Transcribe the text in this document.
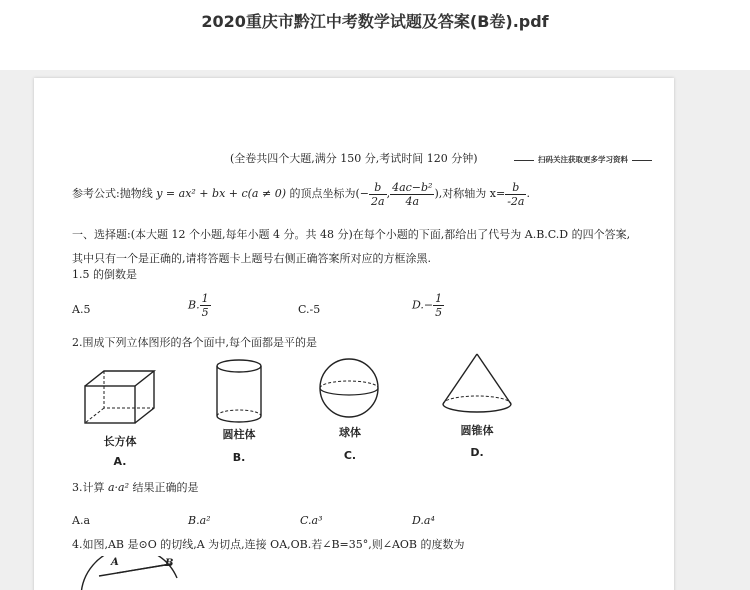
2020重庆市黔江中考数学试题及答案(B卷).pdf
(全卷共四个大题,满分 150 分,考试时间 120 分钟)	扫码关注获取更多学习资料
参考公式:抛物线 y = ax² + bx + c(a ≠ 0) 的顶点坐标为(− $\frac{b}{2a}$ , $\frac{\text{4ac−b²}}{4a}$ ),对称轴为 $x= \frac{b}{-2a}$ .
一、选择题:(本大题 12 个小题,每年小题 4 分。共 48 分)在每个小题的下面,都给出了代号为 A.B.C.D 的四个答案,
其中只有一个是正确的,请将答题卡上题号右侧正确答案所对应的方框涂黑.
1.5 的倒数是
A.5	B. $\frac{1}{5}$	C.-5	$D.- \frac{1}{5}$
2.围成下列立体图形的各个面中,每个面都是平的是
长方体
A.
圆柱体
B.
球体
C.
圆锥体
D.
3.计算 a·a² 结果正确的是
A.a	B.a²	C.a³	D.a⁴
4.如图,AB 是⊙O 的切线,A 为切点,连接 OA,OB.若∠B=35°,则∠AOB 的度数为
A	B
